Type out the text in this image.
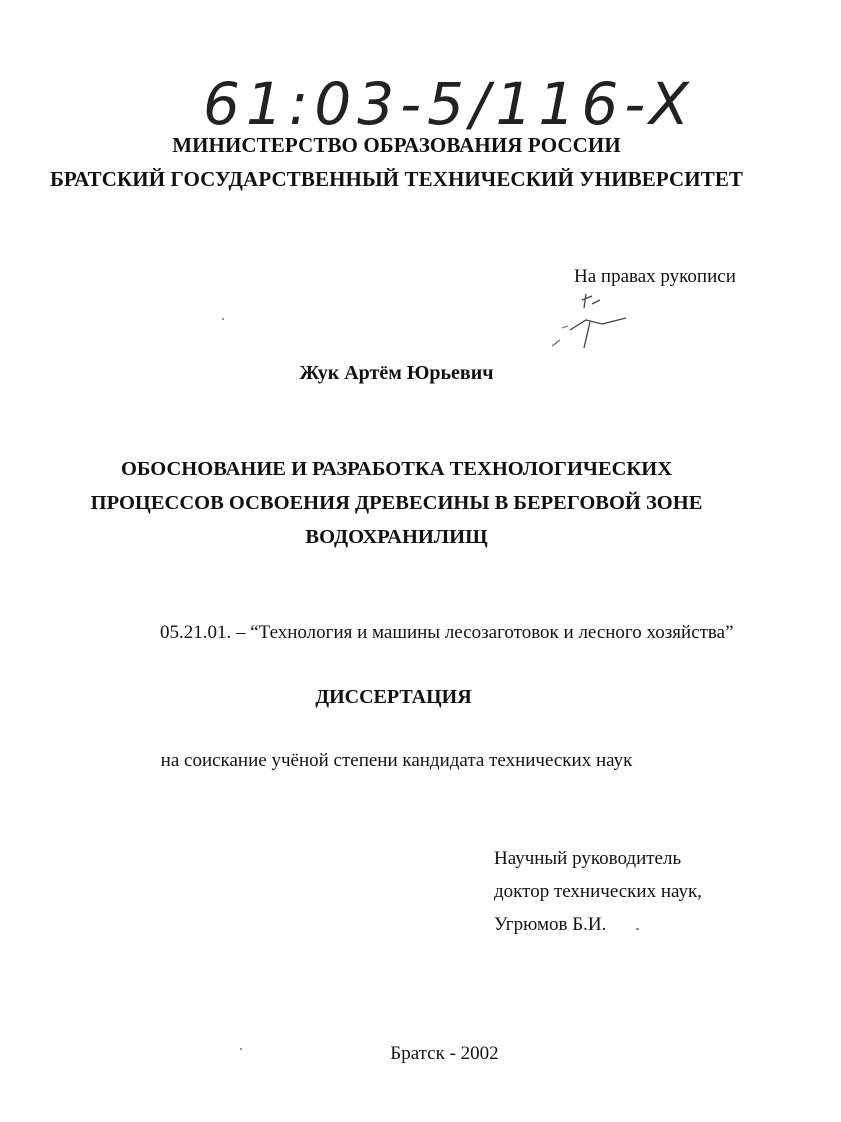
61:03-5/116-X
МИНИСТЕРСТВО ОБРАЗОВАНИЯ РОССИИ
БРАТСКИЙ ГОСУДАРСТВЕННЫЙ ТЕХНИЧЕСКИЙ УНИВЕРСИТЕТ
На правах рукописи
Жук Артём Юрьевич
ОБОСНОВАНИЕ И РАЗРАБОТКА ТЕХНОЛОГИЧЕСКИХ
ПРОЦЕССОВ ОСВОЕНИЯ ДРЕВЕСИНЫ В БЕРЕГОВОЙ ЗОНЕ
ВОДОХРАНИЛИЩ
05.21.01. – “Технология и машины лесозаготовок и лесного хозяйства”
ДИССЕРТАЦИЯ
на соискание учёной степени кандидата технических наук
Научный руководитель
доктор технических наук,
Угрюмов Б.И.
Братск - 2002
